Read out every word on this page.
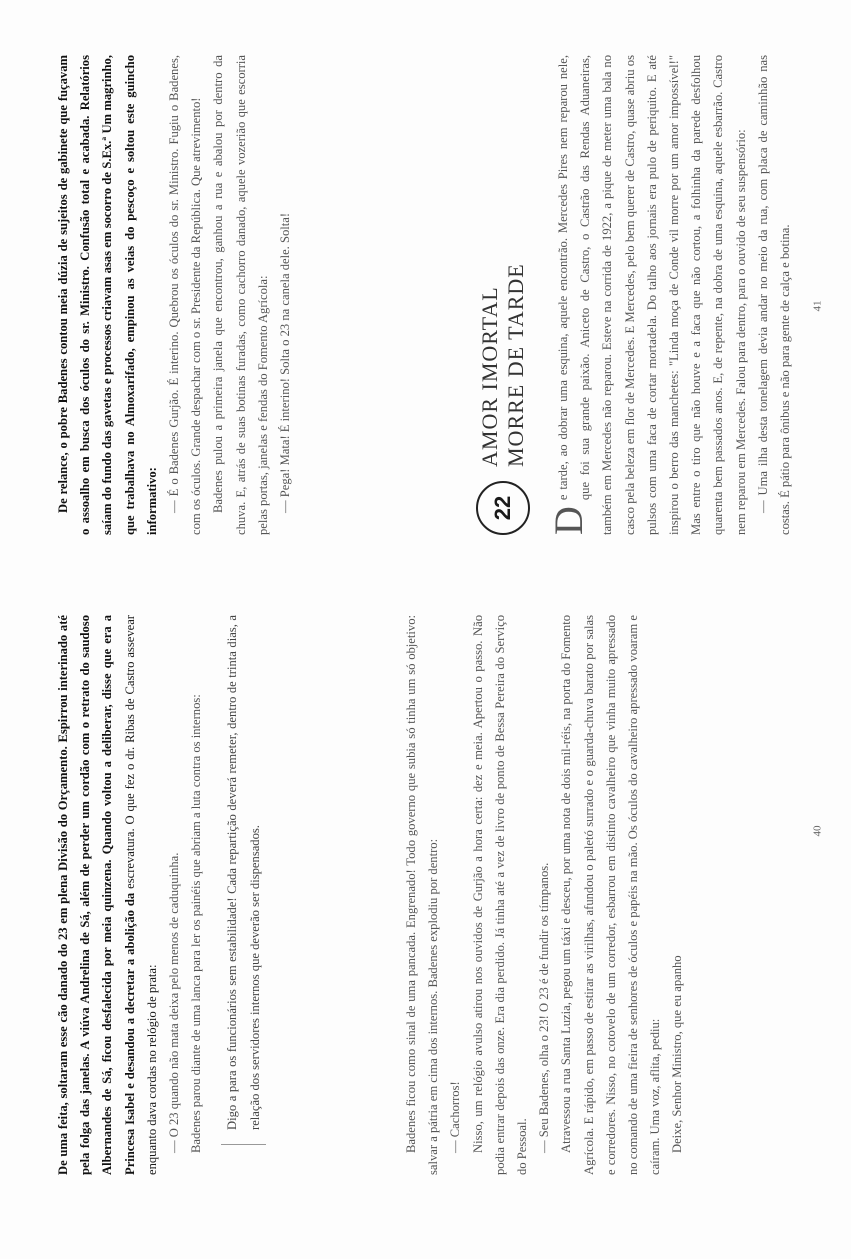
De uma feita, soltaram esse cão danado do 23 em plena Divisão do Orçamento. Espirrou interinado até pela folga das janelas. A viúva Andrelina de Sá, além de perder um cordão com o retrato do saudoso Albernandes de Sá, ficou desfalecida por meia quinzena. Quando voltou a deliberar, disse que era a Princesa Isabel e desandou a decretar a abolição da escrevatura. O que fez o dr. Ribas de Castro assevear enquanto dava cordas no relógio de prata: — O 23 quando não mata deixa pelo menos de caduquinha. Badenes parou diante de uma lanca para ler os painéis que abriam a luta contra os internos:	Digo a para os funcionários sem estabilidade! Cada repartição deverá remeter, dentro de trinta dias, a relação dos servidores internos que deverão ser dispensados.	Badenes ficou como sinal de uma pancada. Engrenado! Todo governo que subia só tinha um só objetivo: salvar a pátria em cima dos internos. Badenes explodiu por dentro: — Cachorros! Nisso, um relógio avulso atirou nos ouvidos de Gurjão a hora certa: dez e meia. Apertou o passo. Não podia entrar depois das onze. Era dia perdido. Já tinha até a vez de livro de ponto de Bessa Pereira do Serviço do Pessoal. — Seu Badenes, olha o 23! O 23 é de fundir os tímpanos. Atravessou a rua Santa Luzia, pegou um táxi e desceu, por uma nota de dois mil-réis, na porta do Fomento Agrícola. E rápido, em passo de estirar as virilhas, afundou o paletó surrado e o guarda-chuva barato por salas e corredores. Nisso, no cotovelo de um corredor, esbarrou em distinto cavalheiro que vinha muito apressado no comando de uma fieira de senhores de óculos e papéis na mão. Os óculos do cavalheiro apressado voaram e caíram. Uma voz, aflita, pediu: Deixe, Senhor Ministro, que eu apanho

De relance, o pobre Badenes contou meia dúzia de sujeitos de gabinete que fuçavam o assoalho em busca dos óculos do sr. Ministro. Confusão total e acabada. Relatórios saíam do fundo das gavetas e processos criavam asas em socorro de S.Ex.ª Um magrinho, que trabalhava no Almoxarifado, empinou as veias do pescoço e soltou este guincho informativo: — É o Badenes Gurjão. É interino. Quebrou os óculos do sr. Ministro. Fugiu o Badenes, com os óculos. Grande despachar com o sr. Presidente da República. Que atrevimento! Badenes pulou a primeira janela que encontrou, ganhou a rua e abalou por dentro da chuva. E, atrás de suas botinas furadas, como cachorro danado, aquele vozerião que escorria pelas portas, janelas e fendas do Fomento Agrícola: — Pega! Mata! É interino! Solta o 23 na canela dele. Solta!	22
AMOR IMORTAL MORRE DE TARDE

D
e tarde, ao dobrar uma esquina, aquele encontrão. Mercedes Pires nem reparou nele, que foi sua grande paixão. Aniceto de Castro, o Castrão das Rendas Aduaneiras, também em Mercedes não reparou. Esteve na corrida de 1922, a pique de meter uma bala no casco pela beleza em flor de Mercedes. E Mercedes, pelo bem querer de Castro, quase abriu os pulsos com uma faca de cortar mortadela. Do talho aos jornais era pulo de periquito. E até inspirou o berro das manchetes: "Linda moça de Conde vil morre por um amor impossível!" Mas entre o tiro que não houve e a faca que não cortou, a folhinha da parede desfolhou quarenta bem passados anos. E, de repente, na dobra de uma esquina, aquele esbarrão. Castro nem reparou em Mercedes. Falou para dentro, para o ouvido de seu suspensório: — Uma ilha desta tonelagem devia andar no meio da rua, com placa de caminhão nas costas. É pátio para ônibus e não para gente de calça e botina.

40
41
